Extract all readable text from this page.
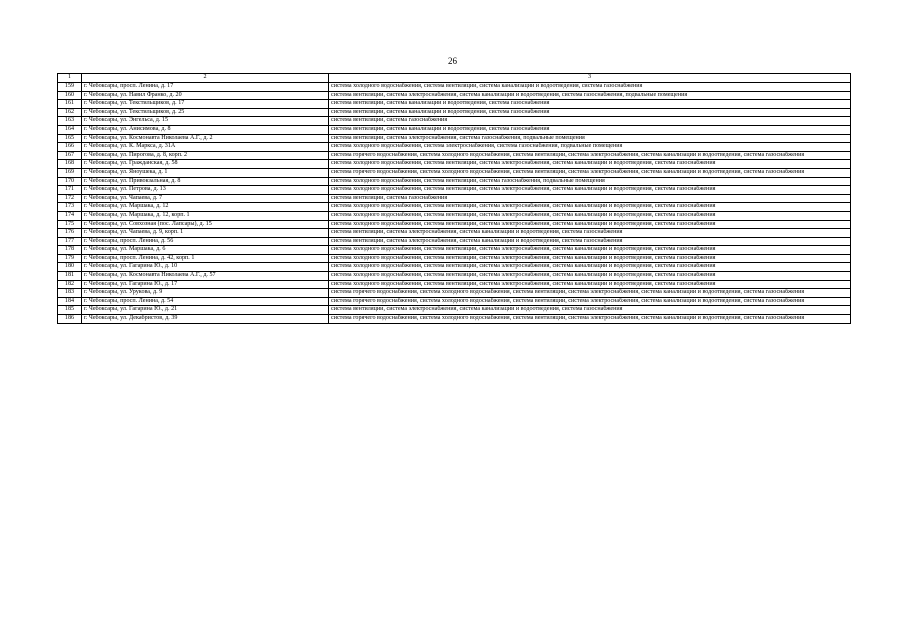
26
1	2	3
159	г. Чебоксары, просп. Ленина, д. 17	система холодного водоснабжения, система вентиляции, система канализации и водоотведения, система газоснабжения
160	г. Чебоксары, ул. Навил Франко, д. 20	система вентиляции, система электроснабжения, система канализации и водоотведения, система газоснабжения, подвальные помещения
161	г. Чебоксары, ул. Текстильщиков, д. 17	система вентиляции, система канализации и водоотведения, система газоснабжения
162	г. Чебоксары, ул. Текстильщиков, д. 25	система вентиляции, система канализации и водоотведения, система газоснабжения
163	г. Чебоксары, ул. Энгельса, д. 15	система вентиляции, система газоснабжения
164	г. Чебоксары, ул. Анисимова, д. 8	система вентиляции, система канализации и водоотведения, система газоснабжения
165	г. Чебоксары, ул. Космонавта Николаева А.Г., д. 2	система вентиляции, система электроснабжения, система газоснабжения, подвальные помещения
166	г. Чебоксары, ул. К. Маркса, д. 31А	система холодного водоснабжения, система электроснабжения, система газоснабжения, подвальные помещения
167	г. Чебоксары, ул. Пирогова, д. 8, корп. 2	система горячего водоснабжения, система холодного водоснабжения, система вентиляции, система электроснабжения, система канализации и водоотведения, система газоснабжения
168	г. Чебоксары, ул. Гражданская, д. 58	система холодного водоснабжения, система вентиляции, система электроснабжения, система канализации и водоотведения, система газоснабжения
169	г. Чебоксары, ул. Яноушека, д. 1	система горячего водоснабжения, система холодного водоснабжения, система вентиляции, система электроснабжения, система канализации и водоотведения, система газоснабжения
170	г. Чебоксары, ул. Привокзальная, д. 8	система холодного водоснабжения, система вентиляции, система газоснабжения, подвальные помещения
171	г. Чебоксары, ул. Петрова, д. 13	система холодного водоснабжения, система вентиляции, система электроснабжения, система канализации и водоотведения, система газоснабжения
172	г. Чебоксары, ул. Чапаева, д. 7	система вентиляции, система газоснабжения
173	г. Чебоксары, ул. Маршака, д. 12	система холодного водоснабжения, система вентиляции, система электроснабжения, система канализации и водоотведения, система газоснабжения
174	г. Чебоксары, ул. Маршака, д. 12, корп. 1	система холодного водоснабжения, система вентиляции, система электроснабжения, система канализации и водоотведения, система газоснабжения
175	г. Чебоксары, ул. Совхозная (пос. Лапсары), д. 15	система холодного водоснабжения, система вентиляции, система электроснабжения, система канализации и водоотведения, система газоснабжения
176	г. Чебоксары, ул. Чапаева, д. 9, корп. 1	система вентиляции, система электроснабжения, система канализации и водоотведения, система газоснабжения
177	г. Чебоксары, просп. Ленина, д. 56	система вентиляции, система электроснабжения, система канализации и водоотведения, система газоснабжения
178	г. Чебоксары, ул. Маршака, д. 6	система холодного водоснабжения, система вентиляции, система электроснабжения, система канализации и водоотведения, система газоснабжения
179	г. Чебоксары, просп. Ленина, д. 42, корп. 1	система холодного водоснабжения, система вентиляции, система электроснабжения, система канализации и водоотведения, система газоснабжения
180	г. Чебоксары, ул. Гагарина Ю., д. 10	система холодного водоснабжения, система вентиляции, система электроснабжения, система канализации и водоотведения, система газоснабжения
181	г. Чебоксары, ул. Космонавта Николаева А.Г., д. 57	система холодного водоснабжения, система вентиляции, система электроснабжения, система канализации и водоотведения, система газоснабжения
182	г. Чебоксары, ул. Гагарина Ю., д. 17	система холодного водоснабжения, система вентиляции, система электроснабжения, система канализации и водоотведения, система газоснабжения
183	г. Чебоксары, ул. Урукова, д. 9	система горячего водоснабжения, система холодного водоснабжения, система вентиляции, система электроснабжения, система канализации и водоотведения, система газоснабжения
184	г. Чебоксары, просп. Ленина, д. 54	система горячего водоснабжения, система холодного водоснабжения, система вентиляции, система электроснабжения, система канализации и водоотведения, система газоснабжения
185	г. Чебоксары, ул. Гагарина Ю., д. 21	система вентиляции, система электроснабжения, система канализации и водоотведения, система газоснабжения
186	г. Чебоксары, ул. Декабристов, д. 39	система горячего водоснабжения, система холодного водоснабжения, система вентиляции, система электроснабжения, система канализации и водоотведения, система газоснабжения
